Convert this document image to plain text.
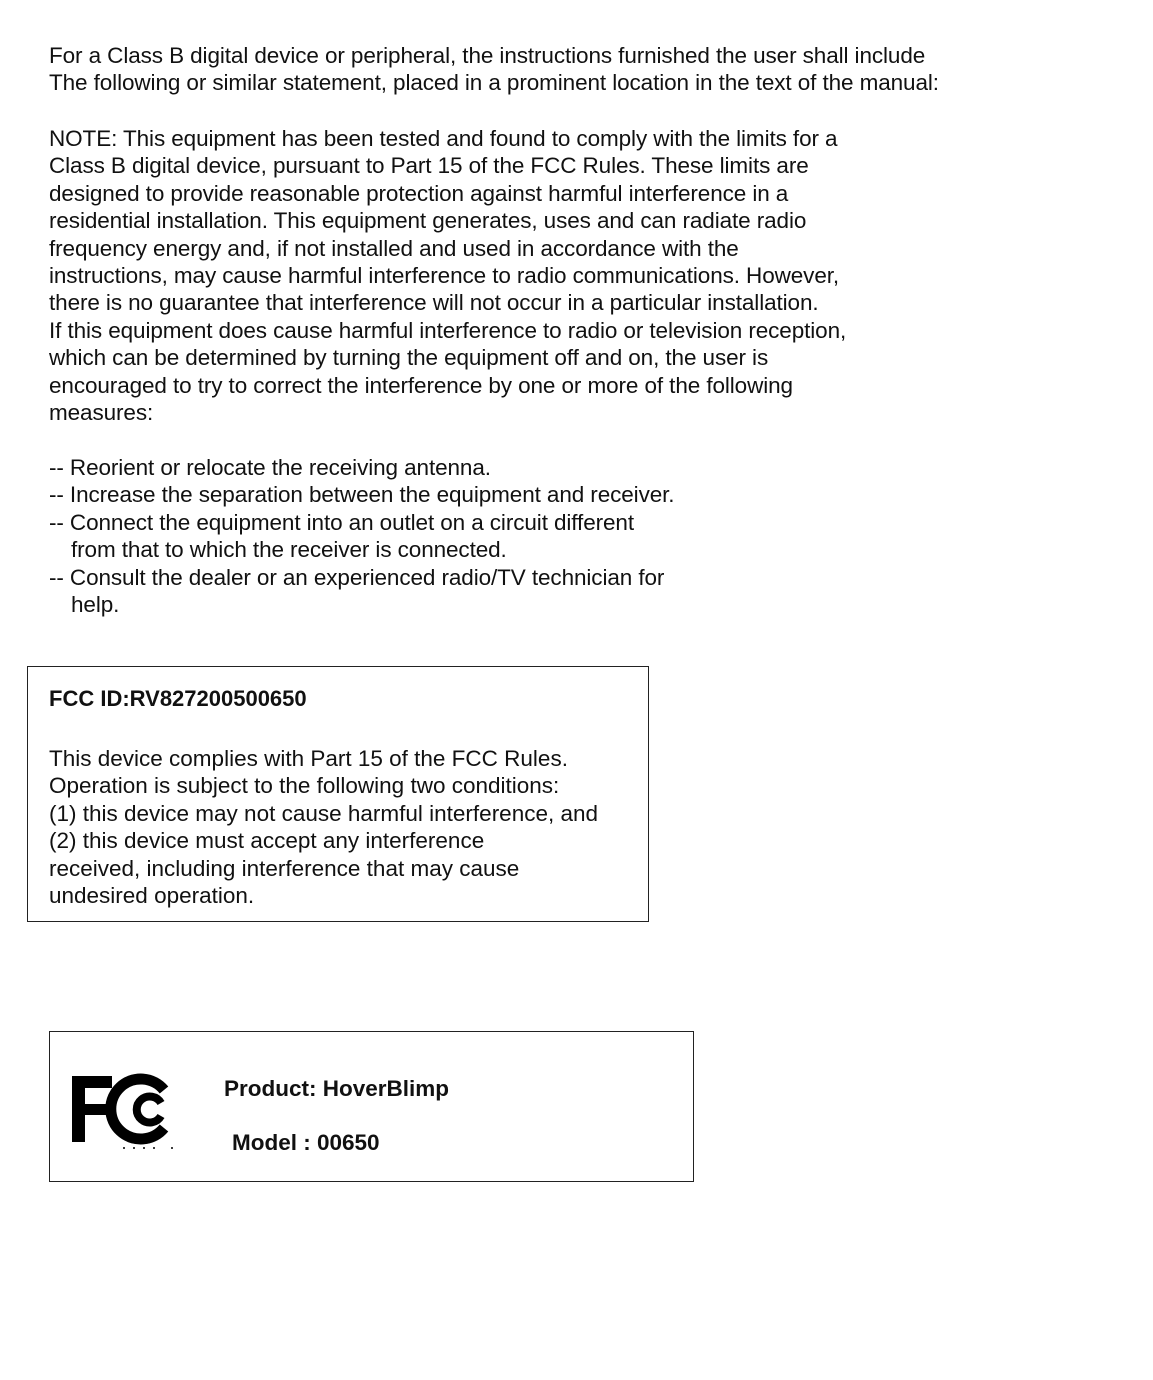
For a Class B digital device or peripheral, the instructions furnished the user shall include
The following or similar statement, placed in a prominent location in the text of the manual:
NOTE: This equipment has been tested and found to comply with the limits for a
Class B digital device, pursuant to Part 15 of the FCC Rules. These limits are
designed to provide reasonable protection against harmful interference in a
residential installation. This equipment generates, uses and can radiate radio
frequency energy and, if not installed and used in accordance with the
instructions, may cause harmful interference to radio communications. However,
there is no guarantee that interference will not occur in a particular installation.
If this equipment does cause harmful interference to radio or television reception,
which can be determined by turning the equipment off and on, the user is
encouraged to try to correct the interference by one or more of the following
measures:
-- Reorient or relocate the receiving antenna.
-- Increase the separation between the equipment and receiver.
-- Connect the equipment into an outlet on a circuit different
from that to which the receiver is connected.
-- Consult the dealer or an experienced radio/TV technician for
help.
FCC ID:RV827200500650
This device complies with Part 15 of the FCC Rules.
Operation is subject to the following two conditions:
(1) this device may not cause harmful interference, and
(2) this device must accept any interference
received, including interference that may cause
undesired operation.
Product: HoverBlimp
Model : 00650
